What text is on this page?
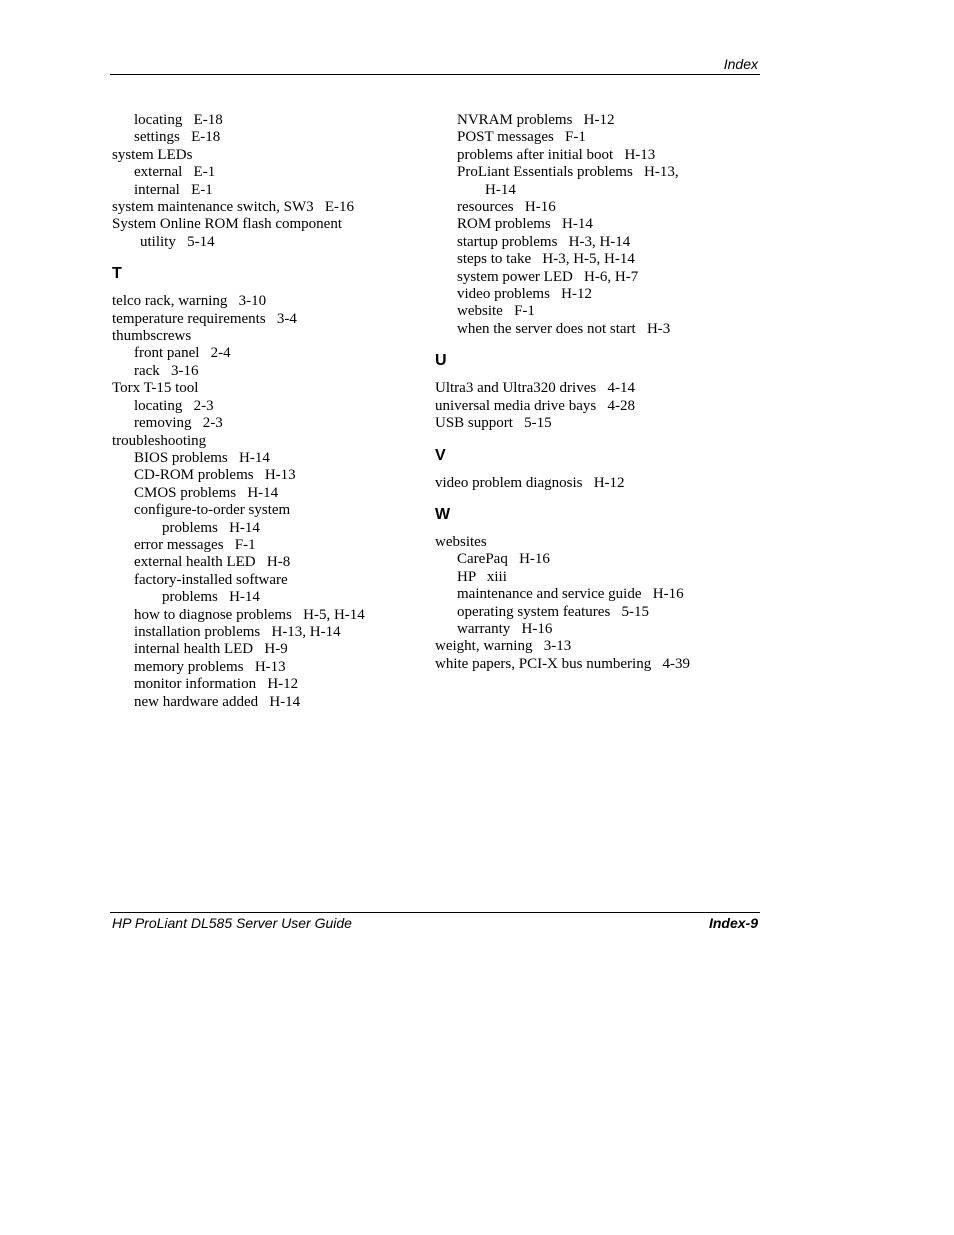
Index
locating   E-18
settings   E-18
system LEDs
external   E-1
internal   E-1
system maintenance switch, SW3   E-16
System Online ROM flash component
utility   5-14
T
telco rack, warning   3-10
temperature requirements   3-4
thumbscrews
front panel   2-4
rack   3-16
Torx T-15 tool
locating   2-3
removing   2-3
troubleshooting
BIOS problems   H-14
CD-ROM problems   H-13
CMOS problems   H-14
configure-to-order system
problems   H-14
error messages   F-1
external health LED   H-8
factory-installed software
problems   H-14
how to diagnose problems   H-5, H-14
installation problems   H-13, H-14
internal health LED   H-9
memory problems   H-13
monitor information   H-12
new hardware added   H-14
NVRAM problems   H-12
POST messages   F-1
problems after initial boot   H-13
ProLiant Essentials problems   H-13,
H-14
resources   H-16
ROM problems   H-14
startup problems   H-3, H-14
steps to take   H-3, H-5, H-14
system power LED   H-6, H-7
video problems   H-12
website   F-1
when the server does not start   H-3
U
Ultra3 and Ultra320 drives   4-14
universal media drive bays   4-28
USB support   5-15
V
video problem diagnosis   H-12
W
websites
CarePaq   H-16
HP   xiii
maintenance and service guide   H-16
operating system features   5-15
warranty   H-16
weight, warning   3-13
white papers, PCI-X bus numbering   4-39
HP ProLiant DL585 Server User Guide	Index-9
